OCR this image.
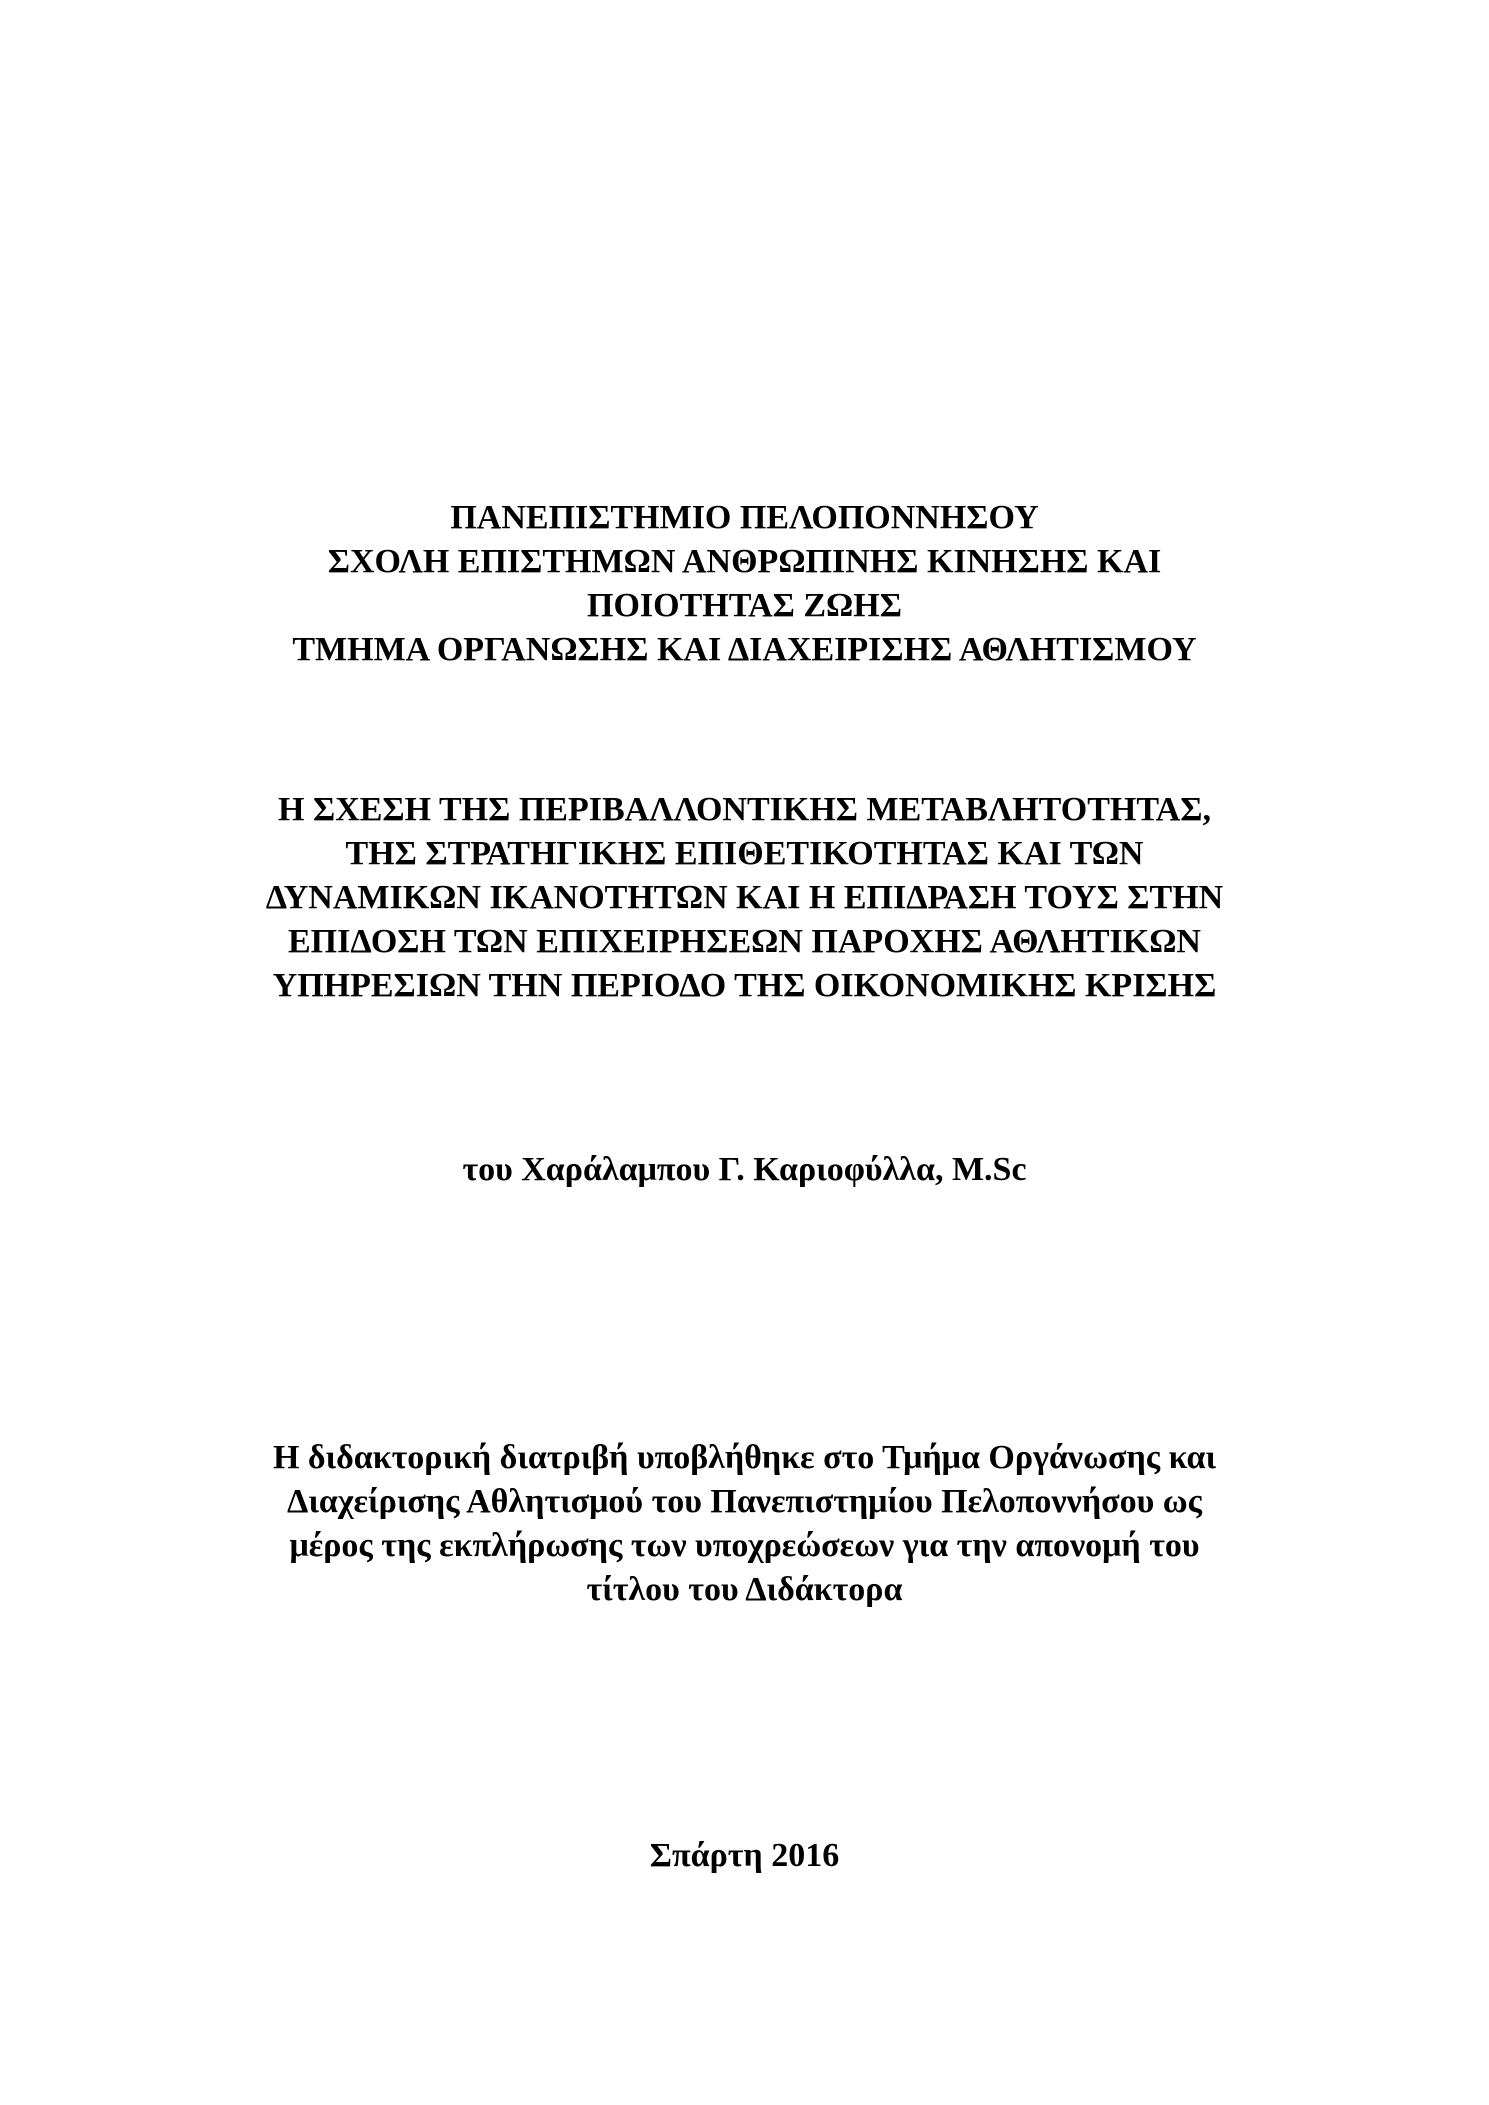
ΠΑΝΕΠΙΣΤΗΜΙΟ ΠΕΛΟΠΟΝΝΗΣΟΥ
ΣΧΟΛΗ ΕΠΙΣΤΗΜΩΝ ΑΝΘΡΩΠΙΝΗΣ ΚΙΝΗΣΗΣ ΚΑΙ
ΠΟΙΟΤΗΤΑΣ ΖΩΗΣ
ΤΜΗΜΑ ΟΡΓΑΝΩΣΗΣ ΚΑΙ ΔΙΑΧΕΙΡΙΣΗΣ ΑΘΛΗΤΙΣΜΟΥ
Η ΣΧΕΣΗ ΤΗΣ ΠΕΡΙΒΑΛΛΟΝΤΙΚΗΣ ΜΕΤΑΒΛΗΤΟΤΗΤΑΣ,
ΤΗΣ ΣΤΡΑΤΗΓΙΚΗΣ ΕΠΙΘΕΤΙΚΟΤΗΤΑΣ ΚΑΙ ΤΩΝ
ΔΥΝΑΜΙΚΩΝ ΙΚΑΝΟΤΗΤΩΝ ΚΑΙ Η ΕΠΙΔΡΑΣΗ ΤΟΥΣ ΣΤΗΝ
ΕΠΙΔΟΣΗ ΤΩΝ ΕΠΙΧΕΙΡΗΣΕΩΝ ΠΑΡΟΧΗΣ ΑΘΛΗΤΙΚΩΝ
ΥΠΗΡΕΣΙΩΝ ΤΗΝ ΠΕΡΙΟΔΟ ΤΗΣ ΟΙΚΟΝΟΜΙΚΗΣ ΚΡΙΣΗΣ
του Χαράλαμπου Γ. Καριοφύλλα, M.Sc
Η διδακτορική διατριβή υποβλήθηκε στο Τμήμα Οργάνωσης και
Διαχείρισης Αθλητισμού του Πανεπιστημίου Πελοποννήσου ως
μέρος της εκπλήρωσης των υποχρεώσεων για την απονομή του
τίτλου του Διδάκτορα
Σπάρτη 2016
